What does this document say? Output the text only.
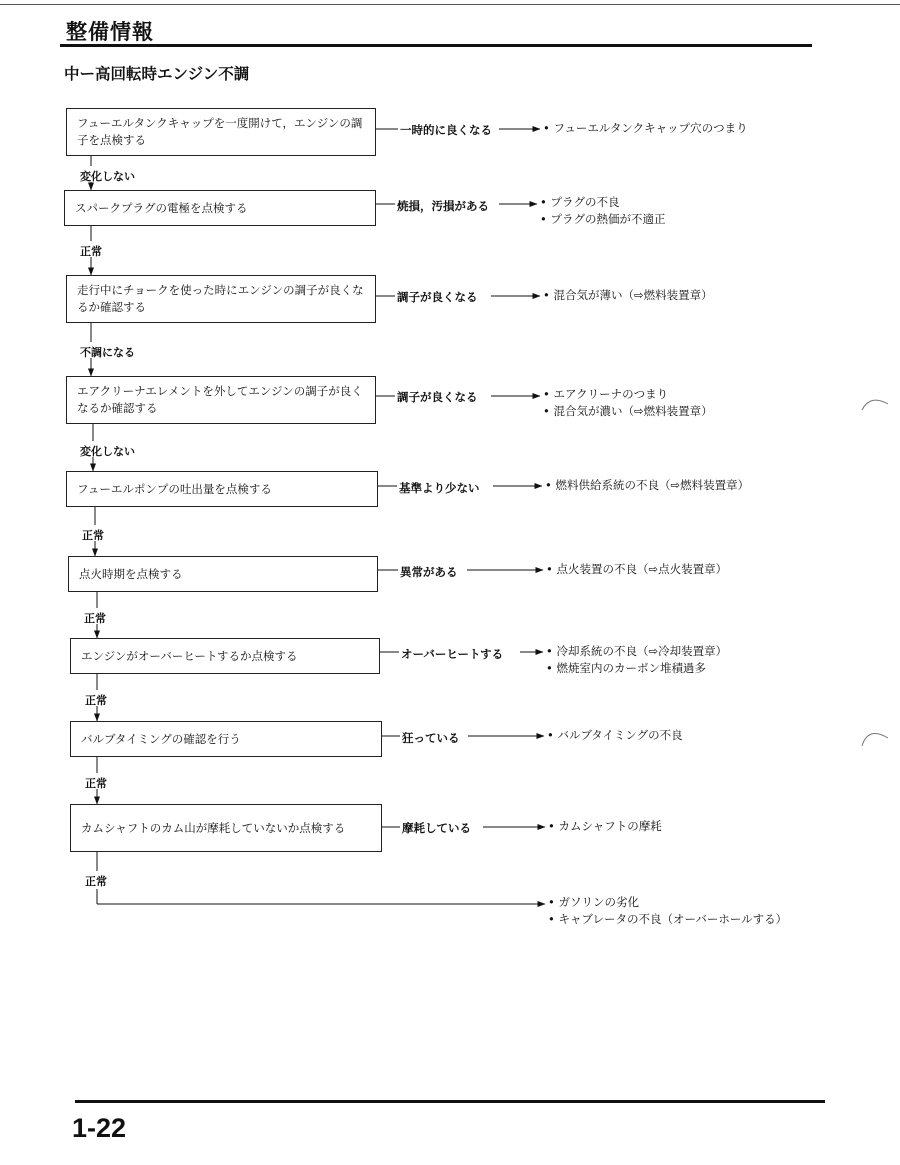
整備情報
中ー高回転時エンジン不調
フューエルタンクキャップを一度開けて，エンジンの調子を点検する
一時的に良くなる	• フューエルタンクキャップ穴のつまり
変化しない
スパークプラグの電極を点検する	焼損，汚損がある	• プラグの不良
• プラグの熱価が不適正
正常
走行中にチョークを使った時にエンジンの調子が良くなるか確認する
調子が良くなる	• 混合気が薄い（⇨燃料装置章）
不調になる
エアクリーナエレメントを外してエンジンの調子が良くなるか確認する
調子が良くなる	• エアクリーナのつまり
• 混合気が濃い（⇨燃料装置章）
変化しない
フューエルポンプの吐出量を点検する	基準より少ない	• 燃料供給系統の不良（⇨燃料装置章）
正常
点火時期を点検する	異常がある	• 点火装置の不良（⇨点火装置章）
正常
エンジンがオーバーヒートするか点検する	オーバーヒートする	• 冷却系統の不良（⇨冷却装置章）
• 燃焼室内のカーボン堆積過多
正常
バルブタイミングの確認を行う	狂っている	• バルブタイミングの不良
正常
カムシャフトのカム山が摩耗していないか点検する	摩耗している	• カムシャフトの摩耗
正常
• ガソリンの劣化
• キャブレータの不良（オーバーホールする）
1-22
